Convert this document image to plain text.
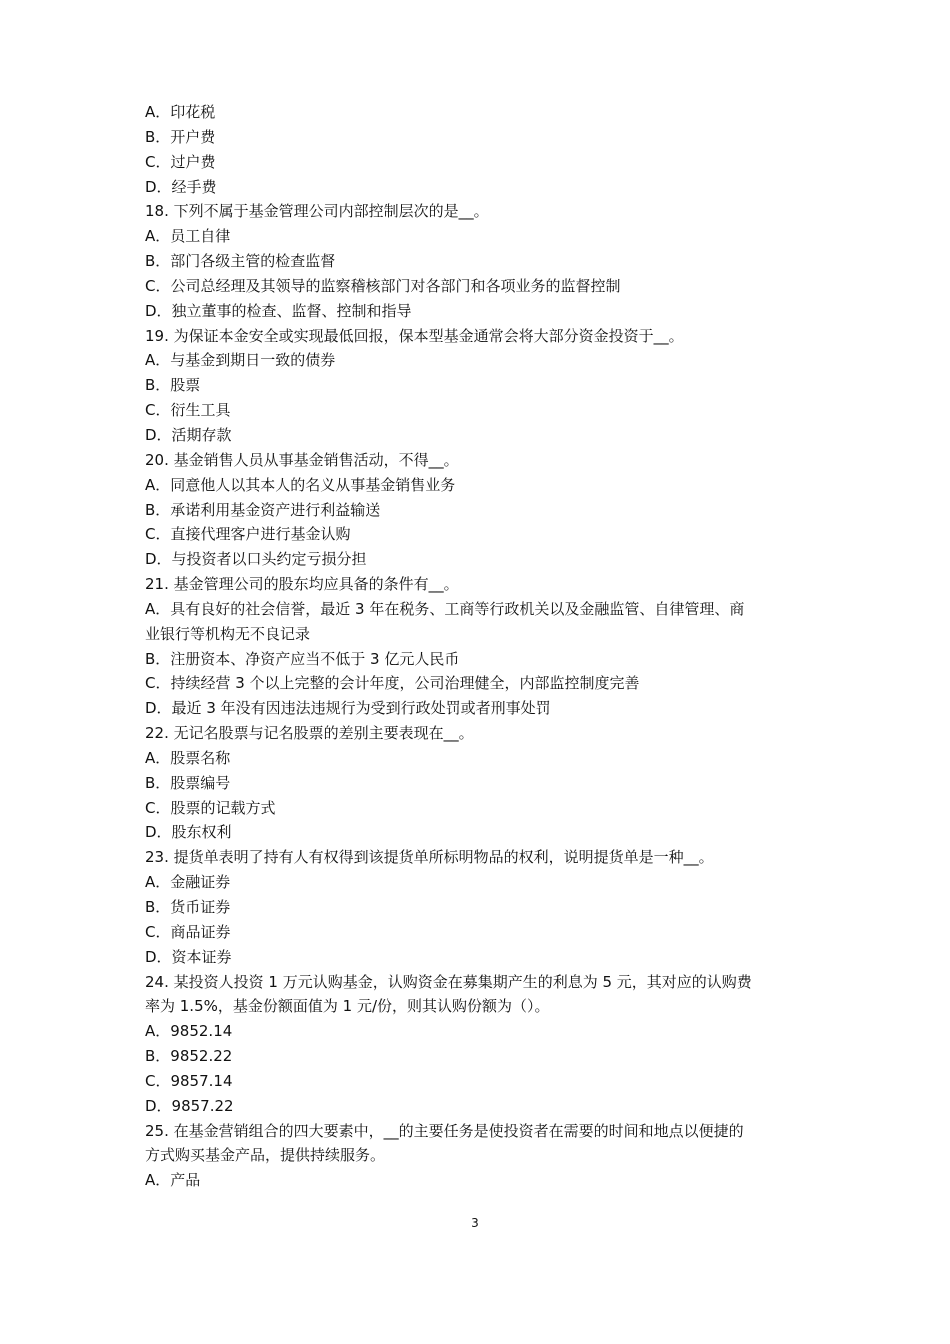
A．印花税

B．开户费

C．过户费

D．经手费

18. 下列不属于基金管理公司内部控制层次的是__。

A．员工自律

B．部门各级主管的检查监督

C．公司总经理及其领导的监察稽核部门对各部门和各项业务的监督控制

D．独立董事的检查、监督、控制和指导

19. 为保证本金安全或实现最低回报，保本型基金通常会将大部分资金投资于__。

A．与基金到期日一致的债券

B．股票

C．衍生工具

D．活期存款

20. 基金销售人员从事基金销售活动，不得__。

A．同意他人以其本人的名义从事基金销售业务

B．承诺利用基金资产进行利益输送

C．直接代理客户进行基金认购

D．与投资者以口头约定亏损分担

21. 基金管理公司的股东均应具备的条件有__。

A．具有良好的社会信誉，最近 3 年在税务、工商等行政机关以及金融监管、自律管理、商

业银行等机构无不良记录

B．注册资本、净资产应当不低于 3 亿元人民币

C．持续经营 3 个以上完整的会计年度，公司治理健全，内部监控制度完善

D．最近 3 年没有因违法违规行为受到行政处罚或者刑事处罚

22. 无记名股票与记名股票的差别主要表现在__。

A．股票名称

B．股票编号

C．股票的记载方式

D．股东权利

23. 提货单表明了持有人有权得到该提货单所标明物品的权利，说明提货单是一种__。

A．金融证券

B．货币证券

C．商品证券

D．资本证券

24. 某投资人投资 1 万元认购基金，认购资金在募集期产生的利息为 5 元，其对应的认购费

率为 1.5%，基金份额面值为 1 元/份，则其认购份额为（）。

A．9852.14

B．9852.22

C．9857.14

D．9857.22

25. 在基金营销组合的四大要素中，__的主要任务是使投资者在需要的时间和地点以便捷的

方式购买基金产品，提供持续服务。

A．产品

3
